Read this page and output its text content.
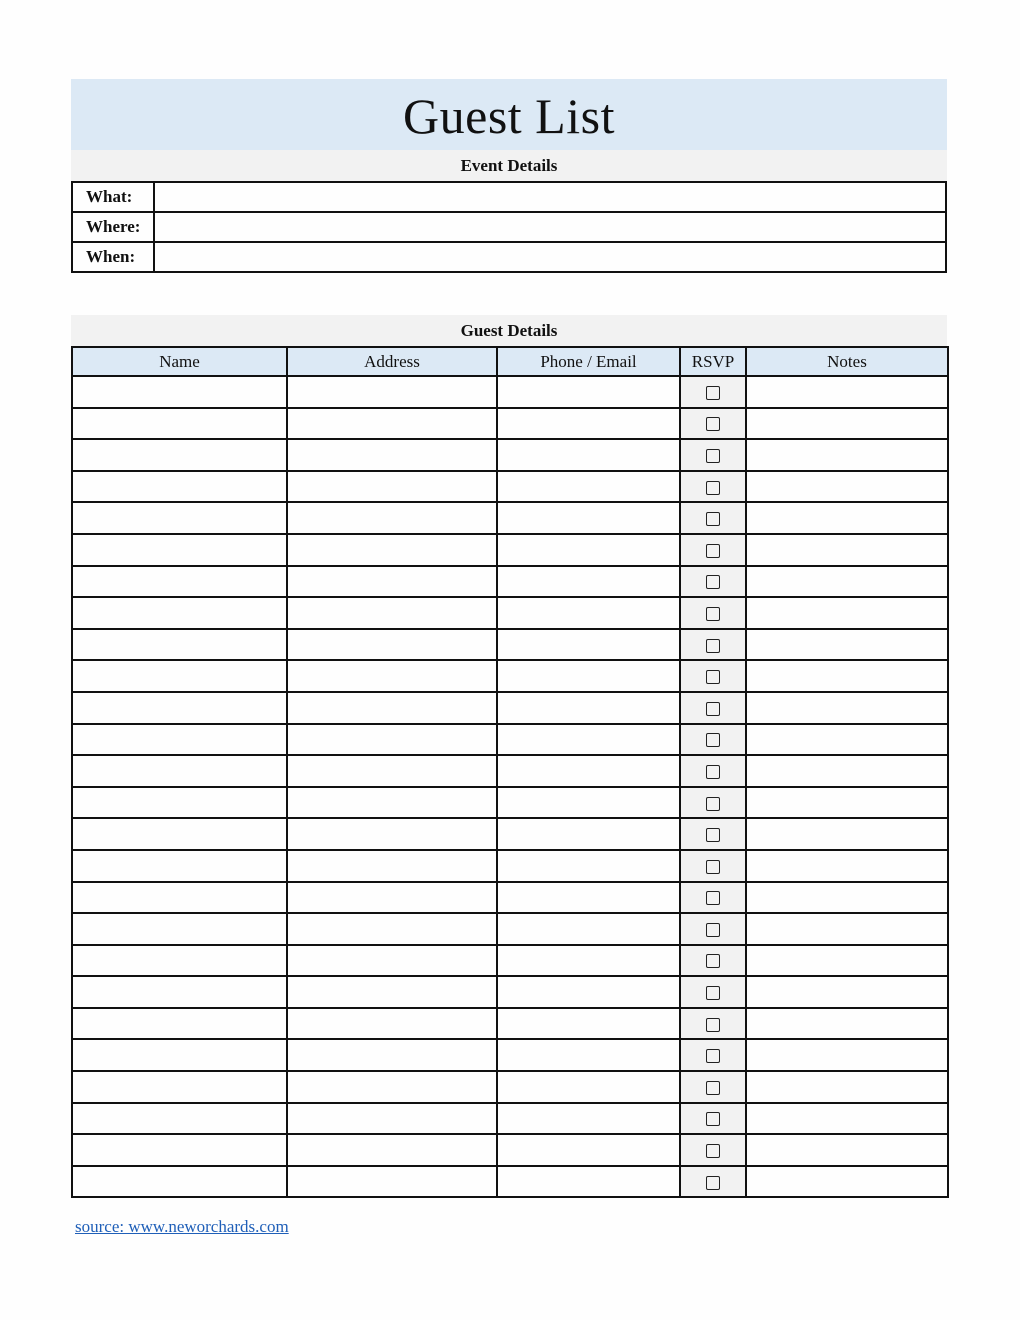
Guest List
Event Details
What:	
Where:	
When:	
Guest Details
Name	Address	Phone / Email	RSVP	Notes

source: www.neworchards.com
